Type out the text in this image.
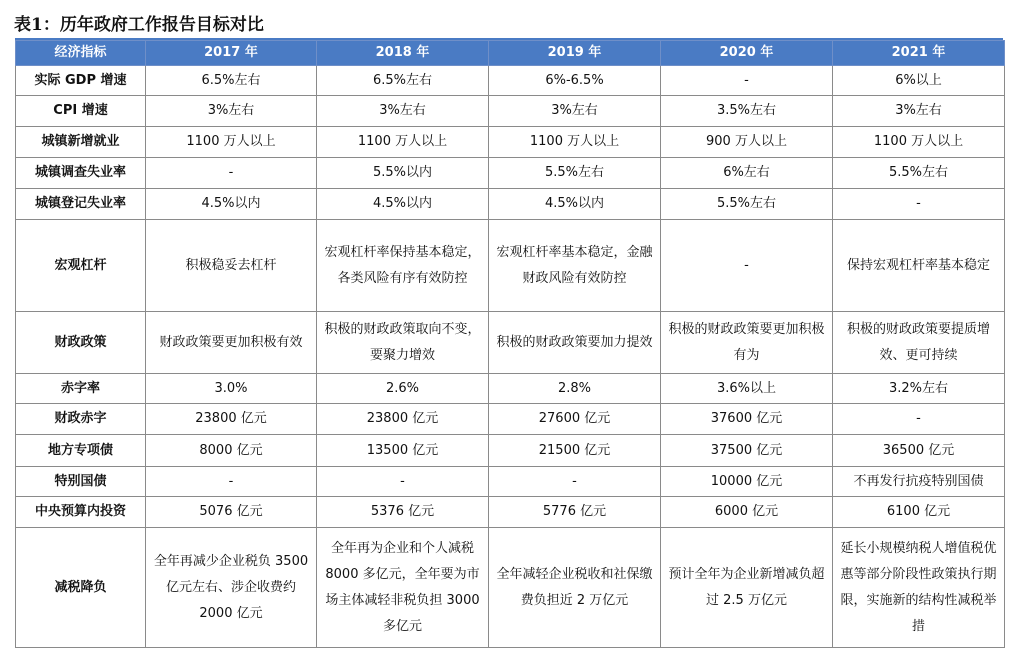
表1：历年政府工作报告目标对比
经济指标	2017 年	2018 年	2019 年	2020 年	2021 年
实际 GDP 增速	6.5%左右	6.5%左右	6%-6.5%	-	6%以上
CPI 增速	3%左右	3%左右	3%左右	3.5%左右	3%左右
城镇新增就业	1100 万人以上	1100 万人以上	1100 万人以上	900 万人以上	1100 万人以上
城镇调查失业率	-	5.5%以内	5.5%左右	6%左右	5.5%左右
城镇登记失业率	4.5%以内	4.5%以内	4.5%以内	5.5%左右	-
宏观杠杆	积极稳妥去杠杆	宏观杠杆率保持基本稳定，各类风险有序有效防控	宏观杠杆率基本稳定，金融财政风险有效防控	-	保持宏观杠杆率基本稳定
财政政策	财政政策要更加积极有效	积极的财政政策取向不变，要聚力增效	积极的财政政策要加力提效	积极的财政政策要更加积极有为	积极的财政政策要提质增效、更可持续
赤字率	3.0%	2.6%	2.8%	3.6%以上	3.2%左右
财政赤字	23800 亿元	23800 亿元	27600 亿元	37600 亿元	-
地方专项债	8000 亿元	13500 亿元	21500 亿元	37500 亿元	36500 亿元
特别国债	-	-	-	10000 亿元	不再发行抗疫特别国债
中央预算内投资	5076 亿元	5376 亿元	5776 亿元	6000 亿元	6100 亿元
减税降负	全年再减少企业税负 3500 亿元左右、涉企收费约 2000 亿元	全年再为企业和个人减税 8000 多亿元，全年要为市场主体减轻非税负担 3000 多亿元	全年减轻企业税收和社保缴费负担近 2 万亿元	预计全年为企业新增减负超过 2.5 万亿元	延长小规模纳税人增值税优惠等部分阶段性政策执行期限，实施新的结构性减税举措
